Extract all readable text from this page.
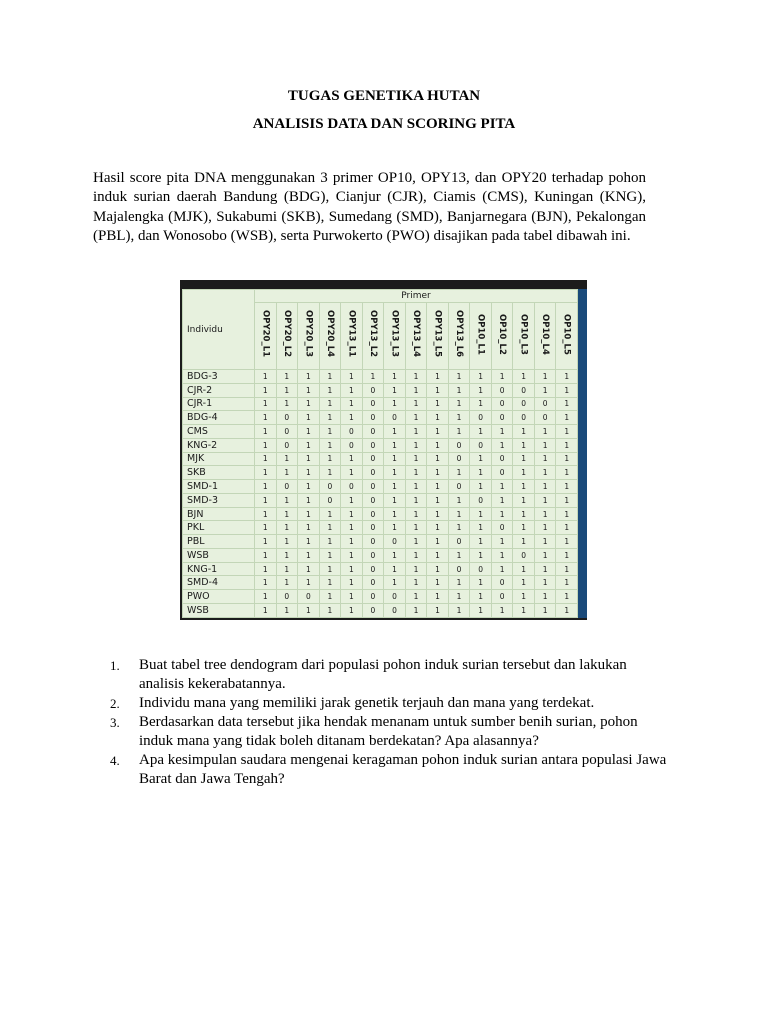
TUGAS GENETIKA HUTAN
ANALISIS DATA DAN SCORING PITA

Hasil score pita DNA menggunakan 3 primer OP10, OPY13, dan OPY20 terhadap pohon induk surian daerah Bandung (BDG), Cianjur (CJR), Ciamis (CMS), Kuningan (KNG), Majalengka (MJK), Sukabumi (SKB), Sumedang (SMD), Banjarnegara (BJN), Pekalongan (PBL), dan Wonosobo (WSB), serta Purwokerto (PWO) disajikan pada tabel dibawah ini.

Individu	Primer														
	OPY20_L1	OPY20_L2	OPY20_L3	OPY20_L4	OPY13_L1	OPY13_L2	OPY13_L3	OPY13_L4	OPY13_L5	OPY13_L6	OP10_L1	OP10_L2	OP10_L3	OP10_L4	OP10_L5
BDG-3	1	1	1	1	1	1	1	1	1	1	1	1	1	1	1
CJR-2	1	1	1	1	1	0	1	1	1	1	1	0	0	1	1
CJR-1	1	1	1	1	1	0	1	1	1	1	1	0	0	0	1
BDG-4	1	0	1	1	1	0	0	1	1	1	0	0	0	0	1
CMS	1	0	1	1	0	0	1	1	1	1	1	1	1	1	1
KNG-2	1	0	1	1	0	0	1	1	1	0	0	1	1	1	1
MJK	1	1	1	1	1	0	1	1	1	0	1	0	1	1	1
SKB	1	1	1	1	1	0	1	1	1	1	1	0	1	1	1
SMD-1	1	0	1	0	0	0	1	1	1	0	1	1	1	1	1
SMD-3	1	1	1	0	1	0	1	1	1	1	0	1	1	1	1
BJN	1	1	1	1	1	0	1	1	1	1	1	1	1	1	1
PKL	1	1	1	1	1	0	1	1	1	1	1	0	1	1	1
PBL	1	1	1	1	1	0	0	1	1	0	1	1	1	1	1
WSB	1	1	1	1	1	0	1	1	1	1	1	1	0	1	1
KNG-1	1	1	1	1	1	0	1	1	1	0	0	1	1	1	1
SMD-4	1	1	1	1	1	0	1	1	1	1	1	0	1	1	1
PWO	1	0	0	1	1	0	0	1	1	1	1	0	1	1	1
WSB	1	1	1	1	1	0	0	1	1	1	1	1	1	1	1
1.	Buat tabel tree dendogram dari populasi pohon induk surian tersebut dan lakukan analisis kekerabatannya.
2.	Individu mana yang memiliki jarak genetik terjauh dan mana yang terdekat.
3.	Berdasarkan data tersebut jika hendak menanam untuk sumber benih surian, pohon induk mana yang tidak boleh ditanam berdekatan? Apa alasannya?
4.	Apa kesimpulan saudara mengenai keragaman pohon induk surian antara populasi Jawa Barat dan Jawa Tengah?
